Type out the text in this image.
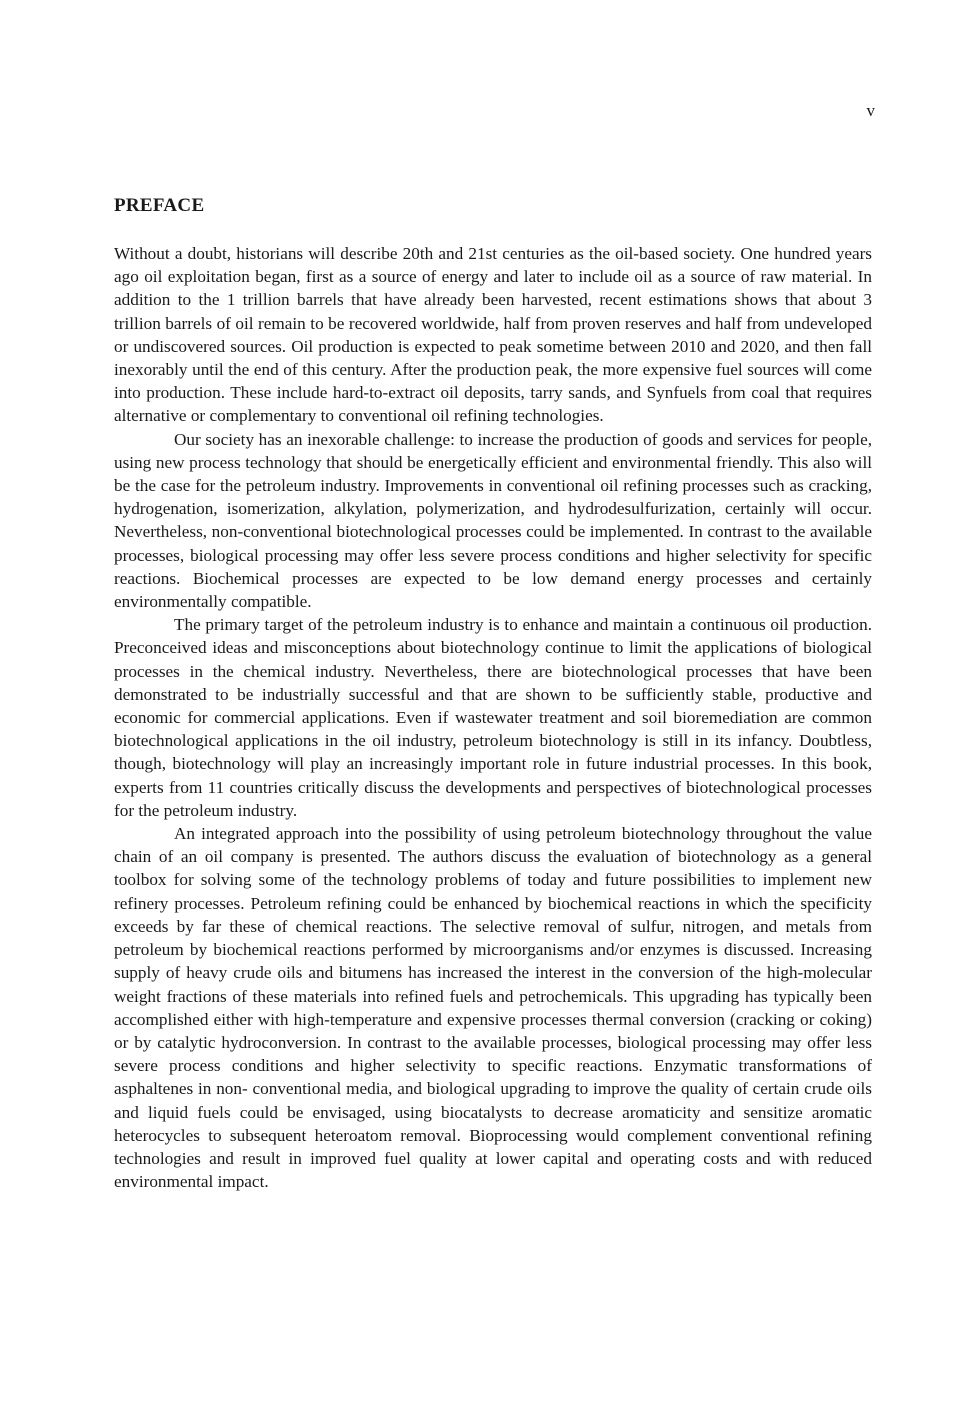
v
PREFACE

Without a doubt, historians will describe 20th and 21st centuries as the oil-based society. One hundred years ago oil exploitation began, first as a source of energy and later to include oil as a source of raw material. In addition to the 1 trillion barrels that have already been harvested, recent estimations shows that about 3 trillion barrels of oil remain to be recovered worldwide, half from proven reserves and half from undeveloped or undiscovered sources. Oil production is expected to peak sometime between 2010 and 2020, and then fall inexorably until the end of this century. After the production peak, the more expensive fuel sources will come into production. These include hard-to-extract oil deposits, tarry sands, and Synfuels from coal that requires alternative or complementary to conventional oil refining technologies.

Our society has an inexorable challenge: to increase the production of goods and services for people, using new process technology that should be energetically efficient and environmental friendly. This also will be the case for the petroleum industry. Improvements in conventional oil refining processes such as cracking, hydrogenation, isomerization, alkylation, polymerization, and hydrodesulfurization, certainly will occur. Nevertheless, non-conventional biotechnological processes could be implemented. In contrast to the available processes, biological processing may offer less severe process conditions and higher selectivity for specific reactions. Biochemical processes are expected to be low demand energy processes and certainly environmentally compatible.

The primary target of the petroleum industry is to enhance and maintain a continuous oil production. Preconceived ideas and misconceptions about biotechnology continue to limit the applications of biological processes in the chemical industry. Nevertheless, there are biotechnological processes that have been demonstrated to be industrially successful and that are shown to be sufficiently stable, productive and economic for commercial applications. Even if wastewater treatment and soil bioremediation are common biotechnological applications in the oil industry, petroleum biotechnology is still in its infancy. Doubtless, though, biotechnology will play an increasingly important role in future industrial processes. In this book, experts from 11 countries critically discuss the developments and perspectives of biotechnological processes for the petroleum industry.

An integrated approach into the possibility of using petroleum biotechnology throughout the value chain of an oil company is presented. The authors discuss the evaluation of biotechnology as a general toolbox for solving some of the technology problems of today and future possibilities to implement new refinery processes. Petroleum refining could be enhanced by biochemical reactions in which the specificity exceeds by far these of chemical reactions. The selective removal of sulfur, nitrogen, and metals from petroleum by biochemical reactions performed by microorganisms and/or enzymes is discussed. Increasing supply of heavy crude oils and bitumens has increased the interest in the conversion of the high-molecular weight fractions of these materials into refined fuels and petrochemicals. This upgrading has typically been accomplished either with high-temperature and expensive processes thermal conversion (cracking or coking) or by catalytic hydroconversion. In contrast to the available processes, biological processing may offer less severe process conditions and higher selectivity to specific reactions. Enzymatic transformations of asphaltenes in non- conventional media, and biological upgrading to improve the quality of certain crude oils and liquid fuels could be envisaged, using biocatalysts to decrease aromaticity and sensitize aromatic heterocycles to subsequent heteroatom removal. Bioprocessing would complement conventional refining technologies and result in improved fuel quality at lower capital and operating costs and with reduced environmental impact.
